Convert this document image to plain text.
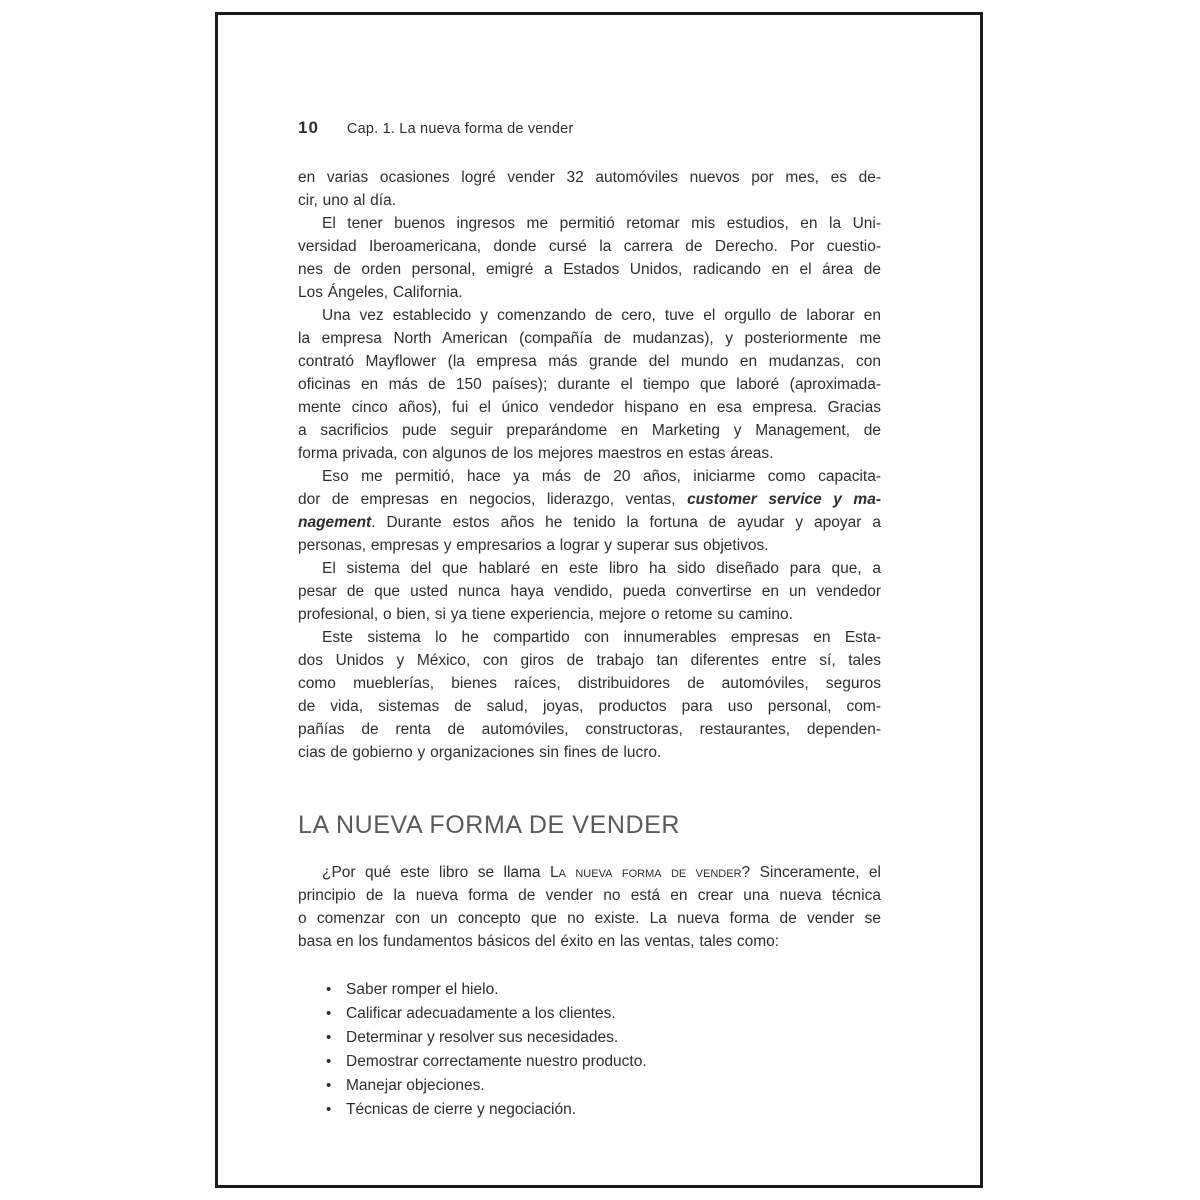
10 Cap. 1. La nueva forma de vender
en varias ocasiones logré vender 32 automóviles nuevos por mes, es de-
cir, uno al día.
El tener buenos ingresos me permitió retomar mis estudios, en la Uni-
versidad Iberoamericana, donde cursé la carrera de Derecho. Por cuestio-
nes de orden personal, emigré a Estados Unidos, radicando en el área de
Los Ángeles, California.
Una vez establecido y comenzando de cero, tuve el orgullo de laborar en
la empresa North American (compañía de mudanzas), y posteriormente me
contrató Mayflower (la empresa más grande del mundo en mudanzas, con
oficinas en más de 150 países); durante el tiempo que laboré (aproximada-
mente cinco años), fui el único vendedor hispano en esa empresa. Gracias
a sacrificios pude seguir preparándome en Marketing y Management, de
forma privada, con algunos de los mejores maestros en estas áreas.
Eso me permitió, hace ya más de 20 años, iniciarme como capacita-
dor de empresas en negocios, liderazgo, ventas, customer service y ma-
nagement. Durante estos años he tenido la fortuna de ayudar y apoyar a
personas, empresas y empresarios a lograr y superar sus objetivos.
El sistema del que hablaré en este libro ha sido diseñado para que, a
pesar de que usted nunca haya vendido, pueda convertirse en un vendedor
profesional, o bien, si ya tiene experiencia, mejore o retome su camino.
Este sistema lo he compartido con innumerables empresas en Esta-
dos Unidos y México, con giros de trabajo tan diferentes entre sí, tales
como mueblerías, bienes raíces, distribuidores de automóviles, seguros
de vida, sistemas de salud, joyas, productos para uso personal, com-
pañías de renta de automóviles, constructoras, restaurantes, dependen-
cias de gobierno y organizaciones sin fines de lucro.
LA NUEVA FORMA DE VENDER
¿Por qué este libro se llama La nueva forma de vender? Sinceramente, el
principio de la nueva forma de vender no está en crear una nueva técnica
o comenzar con un concepto que no existe. La nueva forma de vender se
basa en los fundamentos básicos del éxito en las ventas, tales como:
• Saber romper el hielo.
• Calificar adecuadamente a los clientes.
• Determinar y resolver sus necesidades.
• Demostrar correctamente nuestro producto.
• Manejar objeciones.
• Técnicas de cierre y negociación.
